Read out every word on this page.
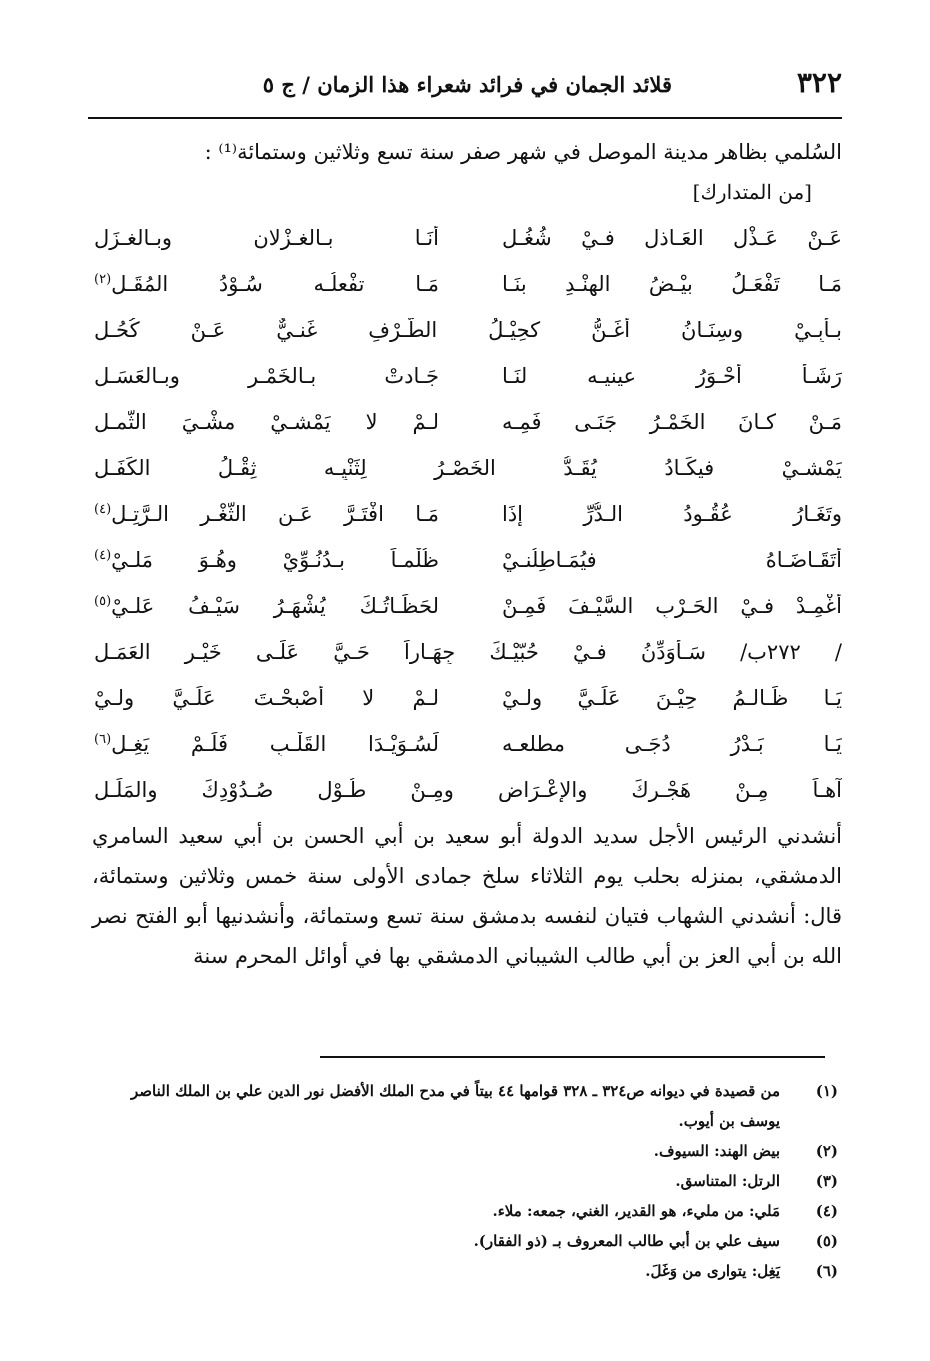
٣٢٢
قلائد الجمان في فرائد شعراء هذا الزمان / ج ٥

السُلمي بظاهر مدينة الموصل في شهر صفر سنة تسع وثلاثين وستمائة⁽¹⁾ :

[من المتدارك]
عَـنْ عَـذْلِ العَـاذلِ فـيْ شُغُـلِ
أنَـا بـالغـزْلانِ وبـالغـزَلِ
مَـا تَفْعَـلُ بيْـضُ الهِنْـدِ بنَـا
مَـا تفْعلُـه سُـوْدُ المُقَـلِ$^{(٢)}$
بـأبِـيْ وسِنَـانُ أغَـنُّ كحِيْـلُ الطَّـرْفِ غَنـيٌّ عَـنْ كُحُـلِ
رَشَـأٌ أحْـوَرُ عينيـه لنَـا
جَـادتْ بـالخَمْـرِ وبـالعَسَـلِ
مَـنْ كـانَ الخَمْـرُ جَنَـى فَمِـه
لـمْ لا يَمْشـيْ مشْـيَ الثَّمـلِ
يَمْشـيْ فيكَـادُ يُقَـدُّ الخَصْـرُ لِثَنْيِـه ثِقْـلُ الكَفَـلِ
وتَغَـارُ عُقُـودُ الـدُّرِّ إذَا
مَـا افْتَـرَّ عَـنِ الثَّغْـرِ الـرَّتِـلِ$^{(٤)}$
أتَقَـاضَـاهُ فيُمَـاطِلُنـيْ
ظُلْمـاً بـدُنُـوِّيْ وهُـوَ مَلـيْ$^{(٤)}$
أغْمِـدْ فـيْ الحَـرْبِ السَّيْـفَ فَمِـنْ
لحَظَـاتُـكَ يُشْهَـرُ سَيْـفُ عَلـيْ$^{(٥)}$
/ ٢٧٢ب/ سَـأُوَدِّنُ فـيْ حُبّيْـكَ جِهَـاراً حَـيَّ عَلَـى خَيْـرِ العَمَـلِ
يَـا ظَـالـمُ حِيْـنَ عَلَـيَّ ولـيْ
لـمْ لا أصْبحْـتَ عَلَـيَّ ولـيْ
يَـا بَـدْرُ دُجَـى مطلعـه
لَسُـوَيْـدَا القَلْـبِ فَلَـمْ يَغِـلِ$^{(٦)}$
آهـاً مِـنْ هَجْـرِكَ والإعْـرَاضِ ومِـنْ طُـوْلِ صُـدُوْدِكَ والمَلَـلِ

أنشدني الرئيس الأجل سديد الدولة أبو سعيد بن أبي الحسن بن أبي سعيد السامري الدمشقي، بمنزله بحلب يوم الثلاثاء سلخ جمادى الأولى سنة خمس وثلاثين وستمائة، قال: أنشدني الشهاب فتيان لنفسه بدمشق سنة تسع وستمائة، وأنشدنيها أبو الفتح نصر الله بن أبي العز بن أبي طالب الشيباني الدمشقي بها في أوائل المحرم سنة

(١)
من قصيدة في ديوانه ص٣٢٤ ـ ٣٢٨ قوامها ٤٤ بيتاً في مدح الملك الأفضل نور الدين علي بن الملك الناصر يوسف بن أيوب.
(٢)
بيض الهند: السيوف.
(٣)
الرتل: المتناسق.
(٤)
مَلي: من مليء، هو القدير، الغني، جمعه: ملاء.
(٥)
سيف علي بن أبي طالب المعروف بـ (ذو الفقار).
(٦)
يَغِل: يتوارى من وَغَلَ.
